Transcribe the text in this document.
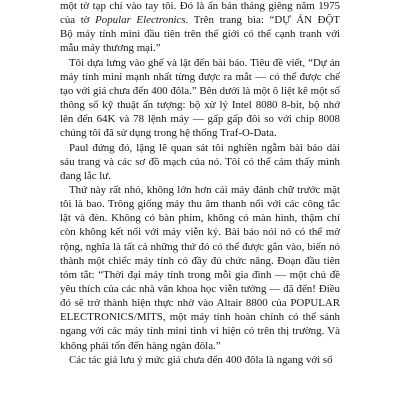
một tờ tạp chí vào tay tôi. Đó là ấn bản tháng giêng năm 1975
của tờ Popular Electronics. Trên trang bìa: “DỰ ÁN ĐỘT
Bộ máy tính mini đầu tiên trên thế giới có thể cạnh tranh với
mẫu máy thương mại.”
Tôi dựa lưng vào ghế và lật đến bài báo. Tiêu đề viết, “Dự án
máy tính mini mạnh nhất từng được ra mắt — có thể được chế
tạo với giá chưa đến 400 đôla.” Bên dưới là một ô liệt kê một số
thông số kỹ thuật ấn tượng: bộ xử lý Intel 8080 8-bit, bộ nhớ
lên đến 64K và 78 lệnh máy — gấp gấp đôi so với chip 8008
chúng tôi đã sử dụng trong hệ thống Traf-O-Data.
Paul đứng đó, lặng lẽ quan sát tôi nghiền ngẫm bài báo dài
sáu trang và các sơ đồ mạch của nó. Tôi có thể cảm thấy mình
đang lắc lư.
Thứ này rất nhỏ, không lớn hơn cái máy đánh chữ trước mặt
tôi là bao. Trông giống máy thu âm thanh nổi với các công tắc
lật và đèn. Không có bàn phím, không có màn hình, thậm chí
còn không kết nối với máy viễn ký. Bài báo nói nó có thể mở
rộng, nghĩa là tất cả những thứ đó có thể được gắn vào, biến nó
thành một chiếc máy tính có đầy đủ chức năng. Đoạn đầu tiên
tóm tắt: “Thời đại máy tính trong mỗi gia đình — một chủ đề
yêu thích của các nhà văn khoa học viễn tưởng — đã đến! Điều
đó sẽ trở thành hiện thực nhờ vào Altair 8800 của POPULAR
ELECTRONICS/MITS, một máy tính hoàn chỉnh có thể sánh
ngang với các máy tính mini tinh vi hiện có trên thị trường. Và
không phải tốn đến hàng ngàn đôla.”
Các tác giả lưu ý mức giá chưa đến 400 đôla là ngang với số
